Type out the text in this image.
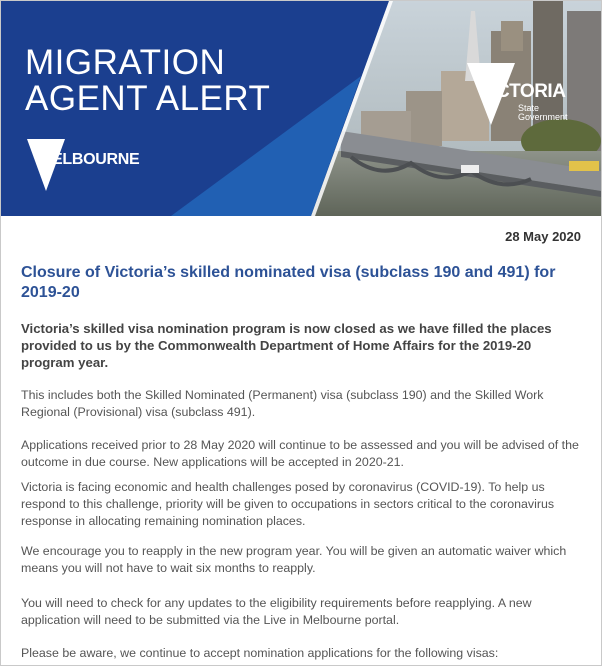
MIGRATION
AGENT ALERT
MELBOURNE
VICTORIA
State
Government
28 May 2020
Closure of Victoria’s skilled nominated visa (subclass 190 and 491) for 2019-20

Victoria’s skilled visa nomination program is now closed as we have filled the places provided to us by the Commonwealth Department of Home Affairs for the 2019-20 program year.

This includes both the Skilled Nominated (Permanent) visa (subclass 190) and the Skilled Work Regional (Provisional) visa (subclass 491).

Applications received prior to 28 May 2020 will continue to be assessed and you will be advised of the outcome in due course. New applications will be accepted in 2020-21.

Victoria is facing economic and health challenges posed by coronavirus (COVID-19). To help us respond to this challenge, priority will be given to occupations in sectors critical to the coronavirus response in allocating remaining nomination places.

We encourage you to reapply in the new program year. You will be given an automatic waiver which means you will not have to wait six months to reapply.

You will need to check for any updates to the eligibility requirements before reapplying. A new application will need to be submitted via the Live in Melbourne portal.

Please be aware, we continue to accept nomination applications for the following visas:
